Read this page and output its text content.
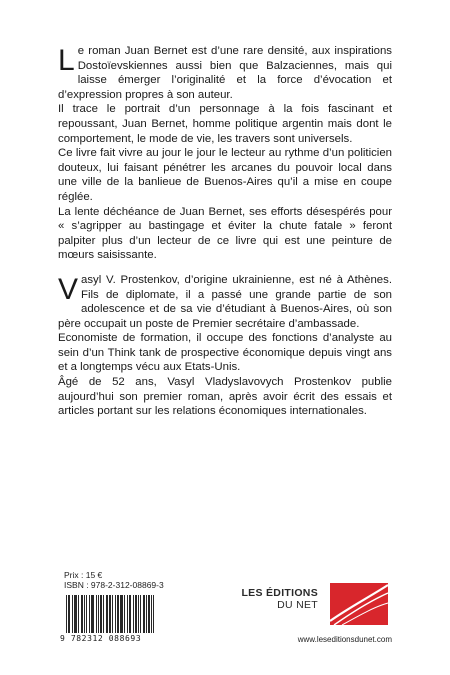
Le roman Juan Bernet est d’une rare densité, aux inspirations Dostoïevskiennes aussi bien que Balzaciennes, mais qui laisse émerger l’originalité et la force d’évocation et d’expression propres à son auteur.

Il trace le portrait d’un personnage à la fois fascinant et repoussant, Juan Bernet, homme politique argentin mais dont le comportement, le mode de vie, les travers sont universels.

Ce livre fait vivre au jour le jour le lecteur au rythme d’un politicien douteux, lui faisant pénétrer les arcanes du pouvoir local dans une ville de la banlieue de Buenos-Aires qu’il a mise en coupe réglée.

La lente déchéance de Juan Bernet, ses efforts désespérés pour « s’agripper au bastingage et éviter la chute fatale » feront palpiter plus d’un lecteur de ce livre qui est une peinture de mœurs saisissante.

Vasyl V. Prostenkov, d’origine ukrainienne, est né à Athènes. Fils de diplomate, il a passé une grande partie de son adolescence et de sa vie d’étudiant à Buenos-Aires, où son père occupait un poste de Premier secrétaire d’ambassade.

Economiste de formation, il occupe des fonctions d’analyste au sein d’un Think tank de prospective économique depuis vingt ans et a longtemps vécu aux Etats-Unis.

Âgé de 52 ans, Vasyl Vladyslavovych Prostenkov publie aujourd’hui son premier roman, après avoir écrit des essais et articles portant sur les relations économiques internationales.

Prix : 15 €
ISBN : 978-2-312-08869-3
9 782312 088693
LES ÉDITIONS
DU NET
www.leseditionsdunet.com
